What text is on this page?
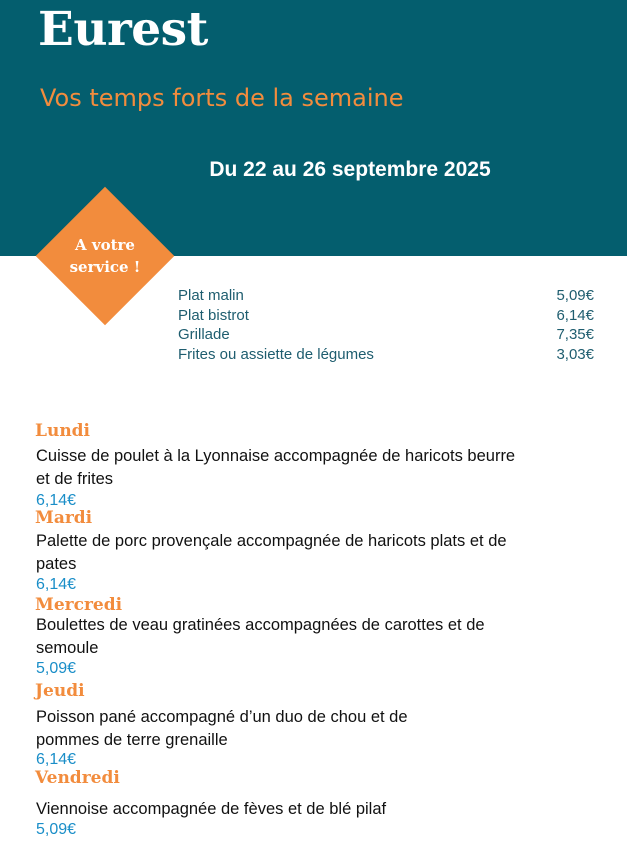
Eurest
Vos temps forts de la semaine
Du 22 au 26 septembre 2025
A votre
service !
Plat malin	5,09€
Plat bistrot	6,14€
Grillade	7,35€
Frites ou assiette de légumes	3,03€
Lundi
Cuisse de poulet à la Lyonnaise accompagnée de haricots beurre
et de frites
6,14€
Mardi
Palette de porc provençale accompagnée de haricots plats et de
pates
6,14€
Mercredi
Boulettes de veau gratinées accompagnées de carottes et de
semoule
5,09€
Jeudi
Poisson pané accompagné d’un duo de chou et de
pommes de terre grenaille
6,14€
Vendredi
Viennoise accompagnée de fèves et de blé pilaf
5,09€
